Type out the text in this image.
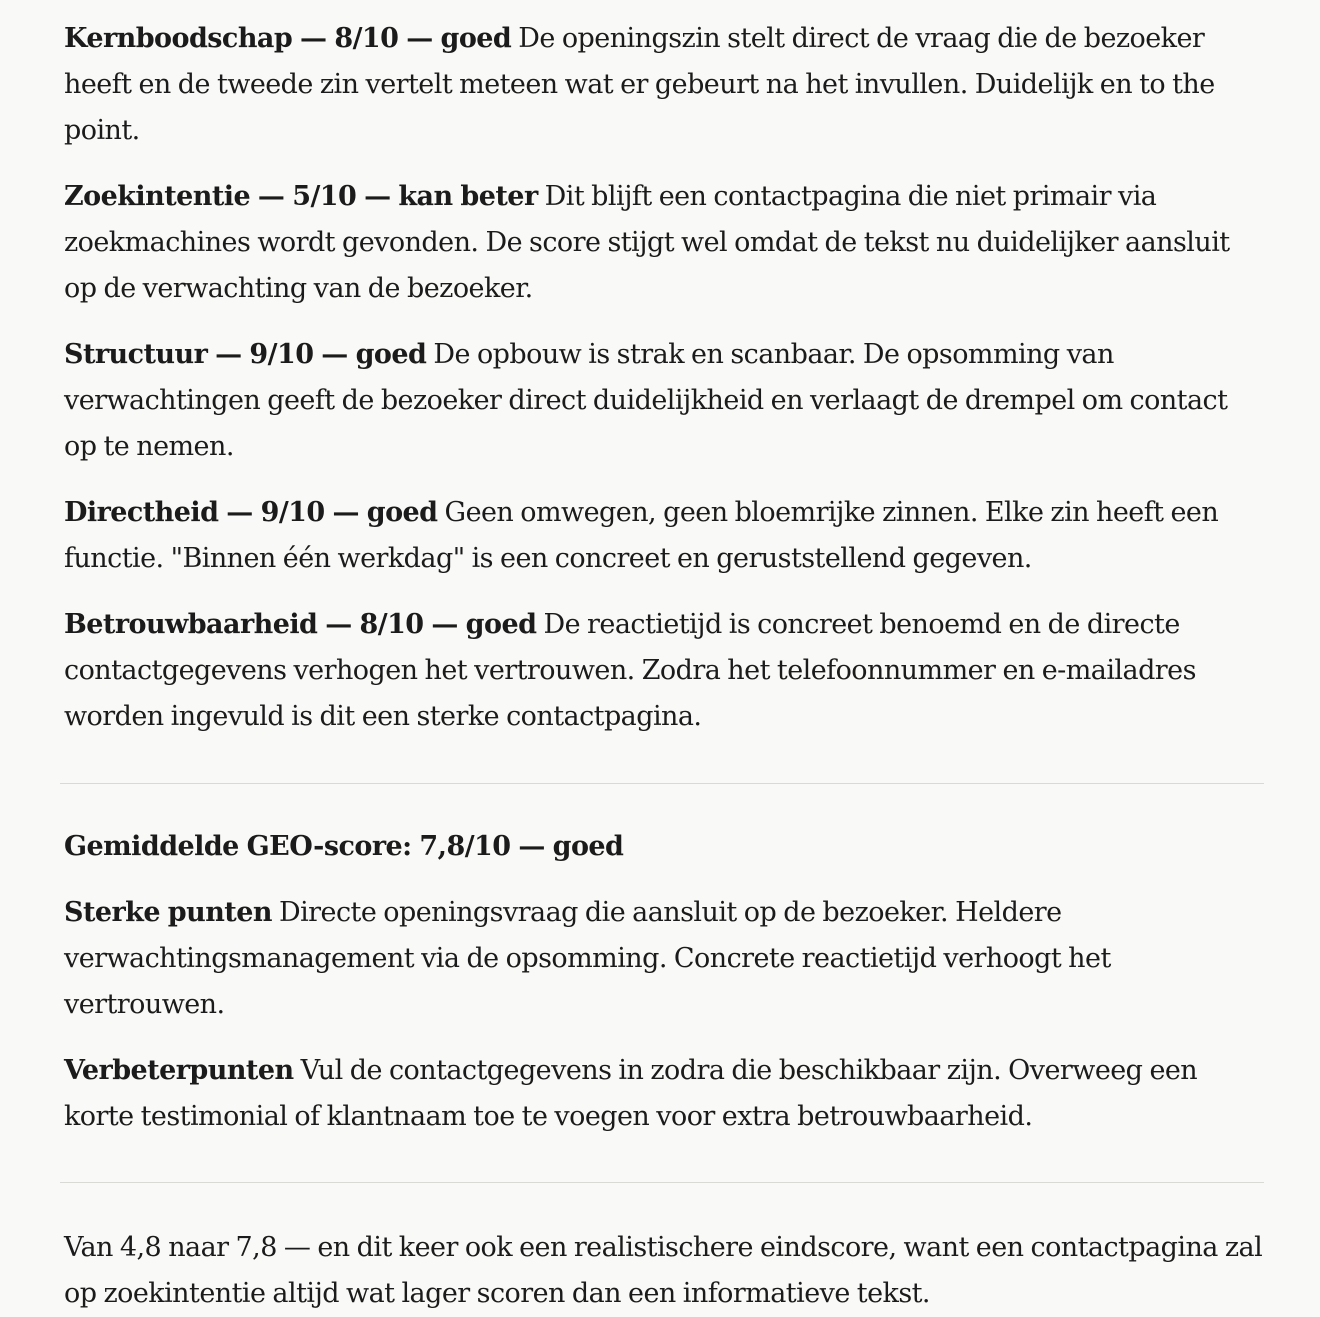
Kernboodschap — 8/10 — goed De openingszin stelt direct de vraag die de bezoeker heeft en de tweede zin vertelt meteen wat er gebeurt na het invullen. Duidelijk en to the point.

Zoekintentie — 5/10 — kan beter Dit blijft een contactpagina die niet primair via zoekmachines wordt gevonden. De score stijgt wel omdat de tekst nu duidelijker aansluit op de verwachting van de bezoeker.

Structuur — 9/10 — goed De opbouw is strak en scanbaar. De opsomming van verwachtingen geeft de bezoeker direct duidelijkheid en verlaagt de drempel om contact op te nemen.

Directheid — 9/10 — goed Geen omwegen, geen bloemrijke zinnen. Elke zin heeft een functie. "Binnen één werkdag" is een concreet en geruststellend gegeven.

Betrouwbaarheid — 8/10 — goed De reactietijd is concreet benoemd en de directe contactgegevens verhogen het vertrouwen. Zodra het telefoonnummer en e-mailadres worden ingevuld is dit een sterke contactpagina.

Gemiddelde GEO-score: 7,8/10 — goed

Sterke punten Directe openingsvraag die aansluit op de bezoeker. Heldere verwachtingsmanagement via de opsomming. Concrete reactietijd verhoogt het vertrouwen.

Verbeterpunten Vul de contactgegevens in zodra die beschikbaar zijn. Overweeg een korte testimonial of klantnaam toe te voegen voor extra betrouwbaarheid.

Van 4,8 naar 7,8 — en dit keer ook een realistischere eindscore, want een contactpagina zal op zoekintentie altijd wat lager scoren dan een informatieve tekst.
